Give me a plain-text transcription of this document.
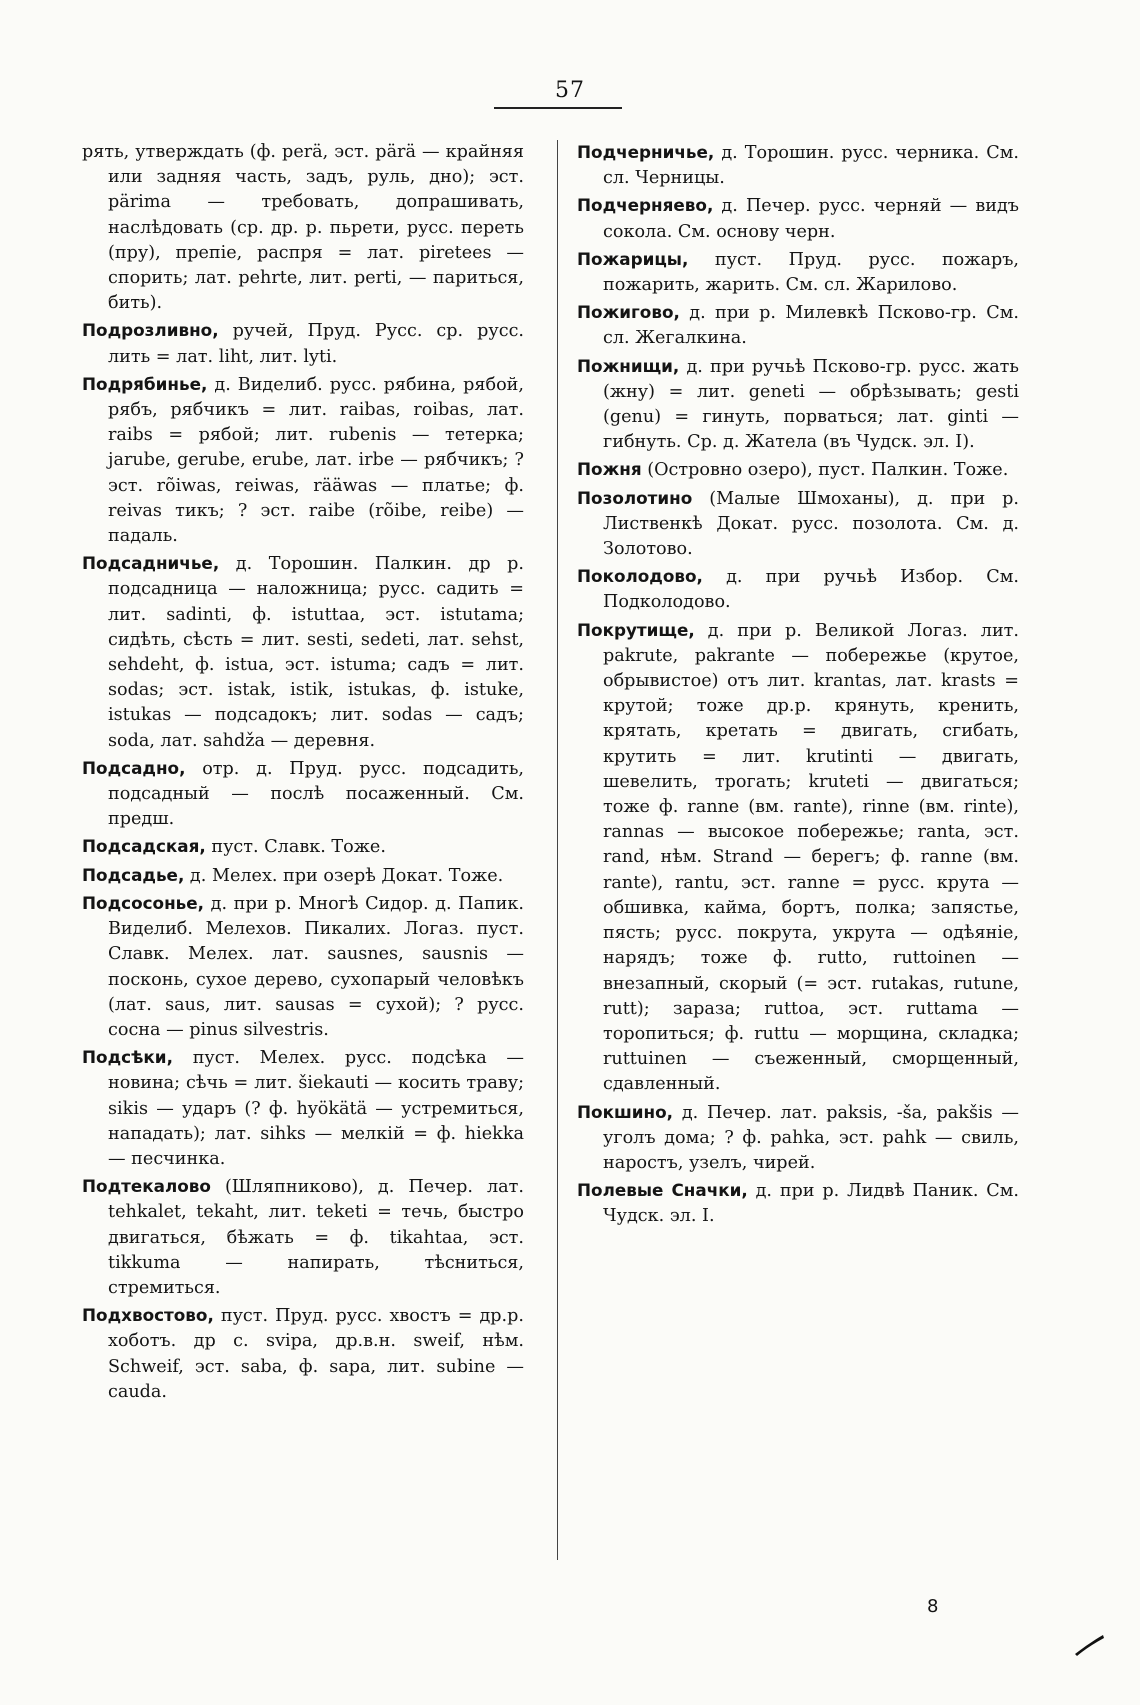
57

рять, утверждать (ф. perä, эст. pärä — крайняя или задняя часть, задъ, руль, дно); эст. pärima — требовать, допрашивать, наслѣдовать (ср. др. р. пьрети, русс. переть (пру), препіе, распря = лат. piretees — спорить; лат. pehrte, лит. perti, — париться, бить).

Подрозливно, ручей, Пруд. Русс. ср. русс. лить = лат. liht, лит. lyti.

Подрябинье, д. Виделиб. русс. рябина, рябой, рябъ, рябчикъ = лит. raibas, roibas, лат. raibs = рябой; лит. rubenis — тетерка; jarube, gerube, erube, лат. irbe — рябчикъ; ? эст. rõiwas, reiwas, rääwas — платье; ф. reivas тикъ; ? эст. raibe (rõibe, reibe) — падаль.

Подсадничье, д. Торошин. Палкин. др р. подсадница — наложница; русс. садить = лит. sadinti, ф. istuttaa, эст. istutama; сидѣть, сѣсть = лит. sesti, sedeti, лат. sehst, sehdeht, ф. istua, эст. istuma; садъ = лит. sodas; эст. istak, istik, istukas, ф. istuke, istukas — подсадокъ; лит. sodas — садъ; soda, лат. sahdža — деревня.

Подсадно, отр. д. Пруд. русс. подсадить, подсадный — послѣ посаженный. См. предш.

Подсадская, пуст. Славк. Тоже.

Подсадье, д. Мелех. при озерѣ Докат. Тоже.

Подсосонье, д. при р. Многѣ Сидор. д. Папик. Виделиб. Мелехов. Пикалих. Логаз. пуст. Славк. Мелех. лат. sausnes, sausnis — посконь, сухое дерево, сухопарый человѣкъ (лат. saus, лит. sausas = сухой); ? русс. сосна — pinus silvestris.

Подсѣки, пуст. Мелех. русс. подсѣка — новина; сѣчь = лит. šiekauti — косить траву; sikis — ударъ (? ф. hyökätä — устремиться, нападать); лат. sihks — мелкій = ф. hiekka — песчинка.

Подтекалово (Шляпниково), д. Печер. лат. tehkalet, tekaht, лит. teketi = течь, быстро двигаться, бѣжать = ф. tikahtaa, эст. tikkuma — напирать, тѣсниться, стремиться.

Подхвостово, пуст. Пруд. русс. хвостъ = др.р. хоботъ. др с. svipa, др.в.н. sweif, нѣм. Schweif, эст. saba, ф. sapa, лит. subine — cauda.

Подчерничье, д. Торошин. русс. черника. См. сл. Черницы.

Подчерняево, д. Печер. русс. черняй — видъ сокола. См. основу черн.

Пожарицы, пуст. Пруд. русс. пожаръ, пожарить, жарить. См. сл. Жарилово.

Пожигово, д. при р. Милевкѣ Псково-гр. См. сл. Жегалкина.

Пожнищи, д. при ручьѣ Псково-гр. русс. жать (жну) = лит. geneti — обрѣзывать; gesti (genu) = гинуть, порваться; лат. ginti — гибнуть. Ср. д. Жатела (въ Чудск. эл. I).

Пожня (Островно озеро), пуст. Палкин. Тоже.

Позолотино (Малые Шмоханы), д. при р. Лиственкѣ Докат. русс. позолота. См. д. Золотово.

Покoлодово, д. при ручьѣ Избор. См. Подколодово.

Покрутище, д. при р. Великой Логаз. лит. pakrute, pakrante — побережье (крутое, обрывистое) отъ лит. krantas, лат. krasts = крутой; тоже др.р. крянуть, кренить, крятать, кретать = двигать, сгибать, крутить = лит. krutinti — двигать, шевелить, трогать; kruteti — двигаться; тоже ф. ranne (вм. rante), rinne (вм. rinte), rannas — высокое побережье; ranta, эст. rand, нѣм. Strand — берегъ; ф. ranne (вм. rante), rantu, эст. ranne = русс. крута — обшивка, кайма, бортъ, полка; запястье, пясть; русс. покрута, укрута — одѣяніе, нарядъ; тоже ф. rutto, ruttoinen — внезапный, скорый (= эст. rutakas, rutune, rutt); зараза; ruttoa, эст. ruttama — торопиться; ф. ruttu — морщина, складка; ruttuinen — съеженный, сморщенный, сдавленный.

Покшино, д. Печер. лат. paksis, -ša, pakšis — уголъ дома; ? ф. pahka, эст. pahk — свиль, наростъ, узелъ, чирей.

Полевые Сначки, д. при р. Лидвѣ Паник. См. Чудск. эл. I.

8
